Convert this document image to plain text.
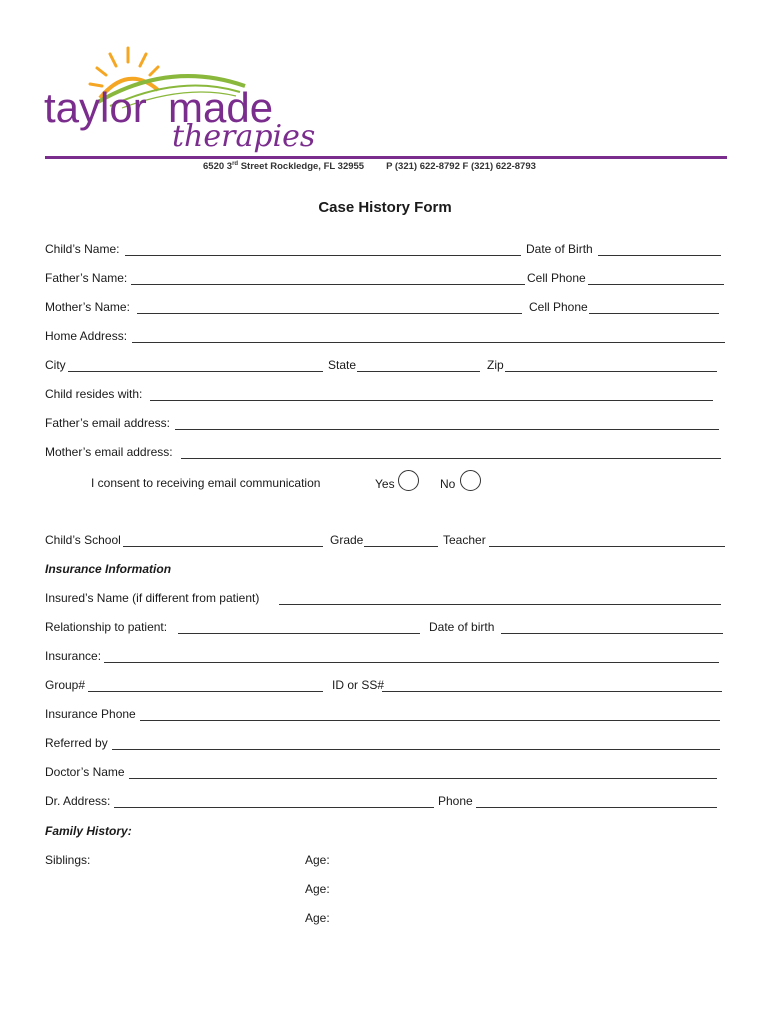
taylor made
therapies
6520 3rd Street Rockledge, FL 32955 P (321) 622-8792 F (321) 622-8793
Case History Form
Child’s Name:	Date of Birth
Father’s Name:	Cell Phone
Mother’s Name:	Cell Phone
Home Address:
City	State	Zip
Child resides with:
Father’s email address:
Mother’s email address:
I consent to receiving email communication	Yes	No
Child’s School	Grade	Teacher
Insurance Information
Insured’s Name (if different from patient)
Relationship to patient:	Date of birth
Insurance:
Group#	ID or SS#
Insurance Phone
Referred by
Doctor’s Name
Dr. Address:	Phone
Family History:
Siblings:	Age:
Age:
Age:
